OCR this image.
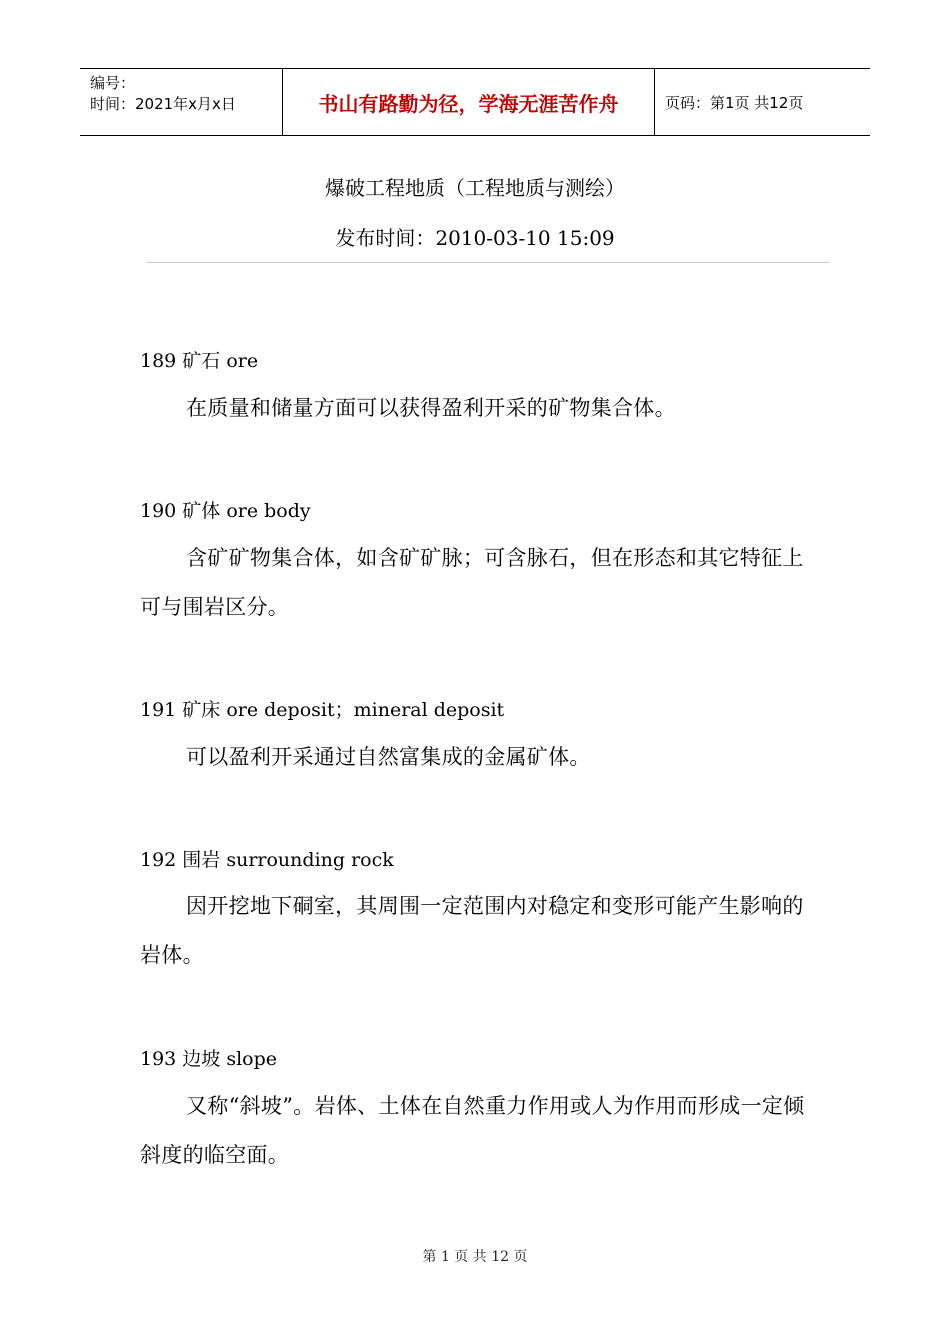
编号：
时间：2021年x月x日	书山有路勤为径，学海无涯苦作舟	页码：第1页 共12页
爆破工程地质（工程地质与测绘）
发布时间：2010-03-10 15:09
189 矿石 ore
在质量和储量方面可以获得盈利开采的矿物集合体。
190 矿体 ore body
含矿矿物集合体，如含矿矿脉；可含脉石，但在形态和其它特征上可与围岩区分。
191 矿床 ore deposit；mineral deposit
可以盈利开采通过自然富集成的金属矿体。
192 围岩 surrounding rock
因开挖地下硐室，其周围一定范围内对稳定和变形可能产生影响的岩体。
193 边坡 slope
又称“斜坡”。岩体、土体在自然重力作用或人为作用而形成一定倾斜度的临空面。
第 1 页 共 12 页
